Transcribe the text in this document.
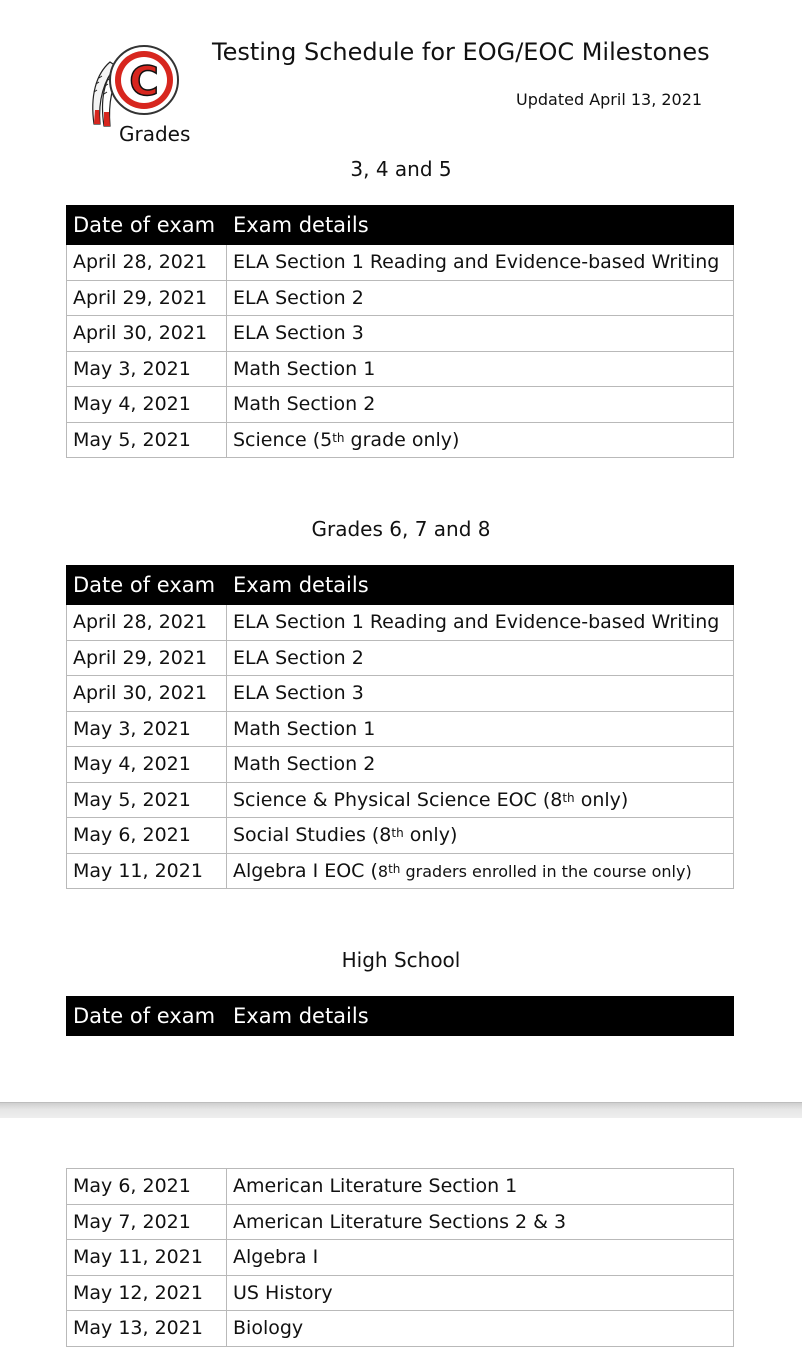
C
Testing Schedule for EOG/EOC Milestones
Updated April 13, 2021
Grades
3, 4 and 5
Date of exam	Exam details
April 28, 2021	ELA Section 1 Reading and Evidence-based Writing
April 29, 2021	ELA Section 2
April 30, 2021	ELA Section 3
May 3, 2021	Math Section 1
May 4, 2021	Math Section 2
May 5, 2021	Science (5th grade only)
Grades 6, 7 and 8
Date of exam	Exam details
April 28, 2021	ELA Section 1 Reading and Evidence-based Writing
April 29, 2021	ELA Section 2
April 30, 2021	ELA Section 3
May 3, 2021	Math Section 1
May 4, 2021	Math Section 2
May 5, 2021	Science & Physical Science EOC (8th only)
May 6, 2021	Social Studies (8th only)
May 11, 2021	Algebra I EOC (8th graders enrolled in the course only)
High School
Date of exam	Exam details
May 6, 2021	American Literature Section 1
May 7, 2021	American Literature Sections 2 & 3
May 11, 2021	Algebra I
May 12, 2021	US History
May 13, 2021	Biology
